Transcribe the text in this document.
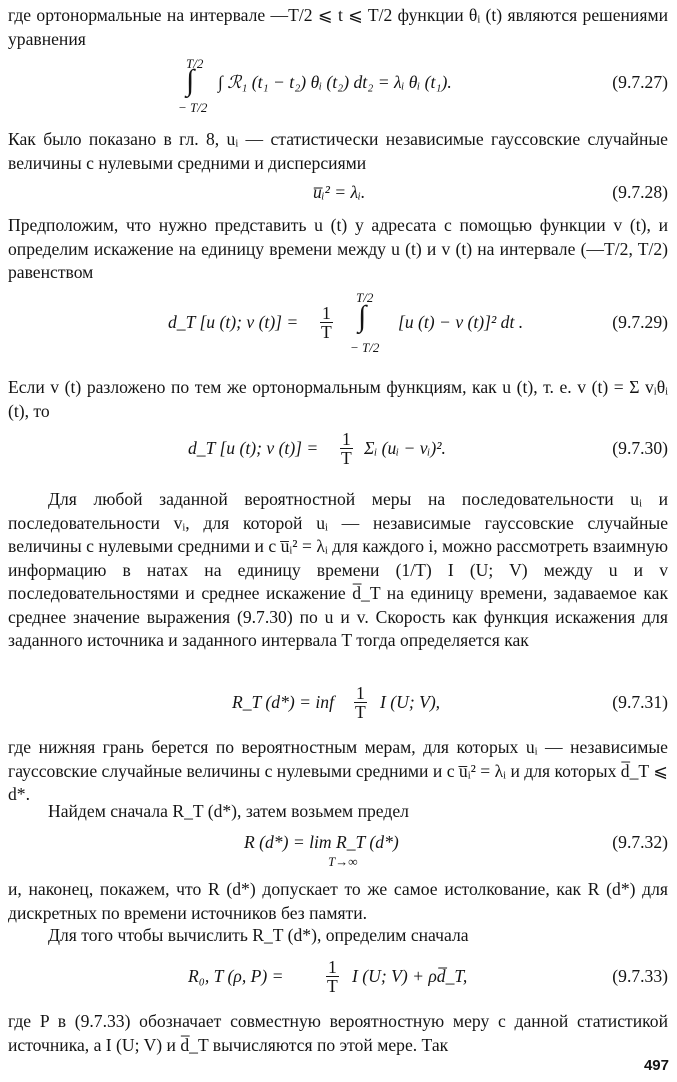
где ортонормальные на интервале —T/2 ⩽ t ⩽ T/2 функции θᵢ (t) являются решениями уравнения

T/2
∫
− T/2
∫ ℛ₁ (t₁ − t₂) θᵢ (t₂) dt₂ = λᵢ θᵢ (t₁).	(9.7.27)

Как было показано в гл. 8, uᵢ — статистически независимые гауссовские случайные величины с нулевыми средними и дисперсиями

u̅ᵢ² = λᵢ.	(9.7.28)

Предположим, что нужно представить u (t) у адресата с помощью функции v (t), и определим искажение на единицу времени между u (t) и v (t) на интервале (—T/2, T/2) равенством

d_T [u (t); v $(t)] = \frac{1}{T}$
T/2
∫
− T/2
[u (t) − v (t)]² dt .	(9.7.29)

Если v (t) разложено по тем же ортонормальным функциям, как u (t), т. е. v (t) = Σ vᵢθᵢ (t), то

d_T [u (t); v $(t)] = \frac{1}{T}$ Σᵢ (uᵢ − vᵢ)².	(9.7.30)

Для любой заданной вероятностной меры на последовательности uᵢ и последовательности vᵢ, для которой uᵢ — независимые гауссовские случайные величины с нулевыми средними и с u̅ᵢ² = λᵢ для каждого i, можно рассмотреть взаимную информацию в натах на единицу времени (1/T) I (U; V) между u и v последовательностями и среднее искажение d̅_T на единицу времени, задаваемое как среднее значение выражения (9.7.30) по u и v. Скорость как функция искажения для заданного источника и заданного интервала T тогда определяется как

R_T (d*) = inf $\frac{1}{T}$ I (U; V),	(9.7.31)

где нижняя грань берется по вероятностным мерам, для которых uᵢ — независимые гауссовские случайные величины с нулевыми средними и с u̅ᵢ² = λᵢ и для которых d̅_T ⩽ d*.

Найдем сначала R_T (d*), затем возьмем предел

R (d*) = lim R_T (d*)
T→∞
(9.7.32)

и, наконец, покажем, что R (d*) допускает то же самое истолкование, как R (d*) для дискретных по времени источников без памяти.

Для того чтобы вычислить R_T (d*), определим сначала

R₀, T (ρ, $P) = \frac{1}{T}$ I (U; V) + ρd̅_T,	(9.7.33)

где P в (9.7.33) обозначает совместную вероятностную меру с данной статистикой источника, а I (U; V) и d̅_T вычисляются по этой мере. Так

497
